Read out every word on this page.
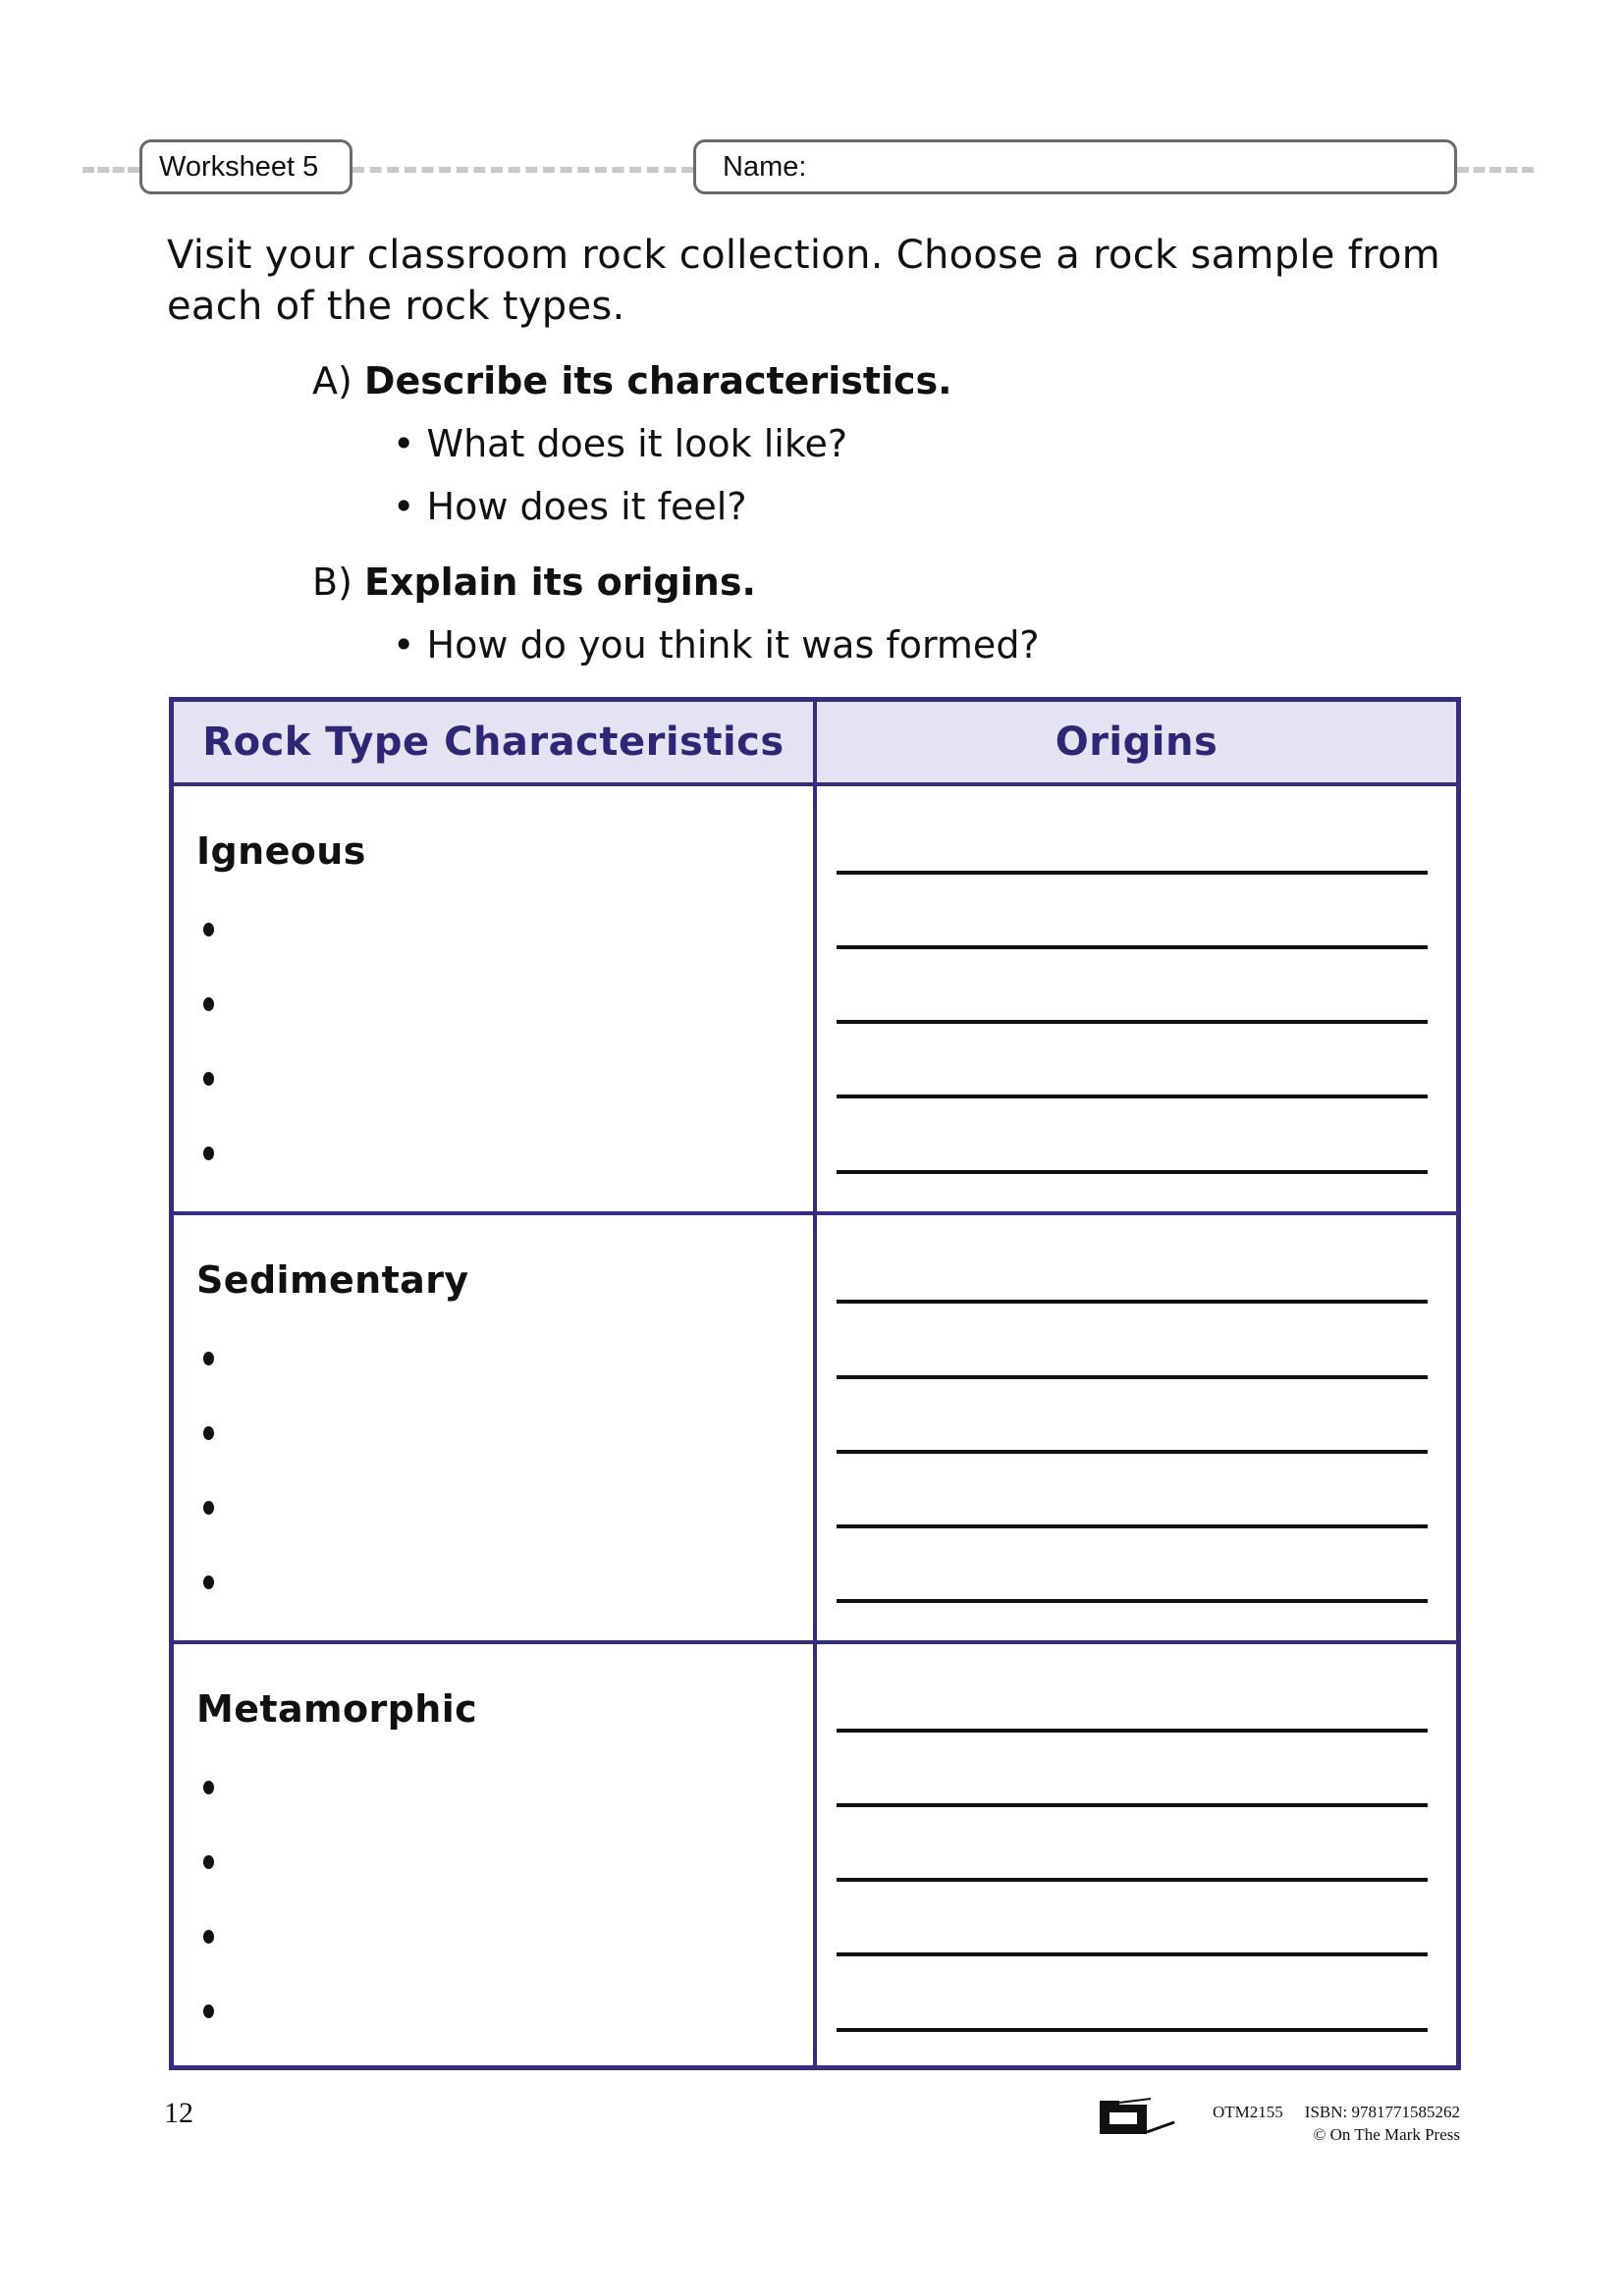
Worksheet 5	Name:
Visit your classroom rock collection. Choose a rock sample from each of the rock types.
A) Describe its characteristics.
• What does it look like?
• How does it feel?
B) Explain its origins.
• How do you think it was formed?
Rock Type Characteristics	Origins
Igneous
Sedimentary
Metamorphic
12	OTM2155 ISBN: 9781771585262
© On The Mark Press
